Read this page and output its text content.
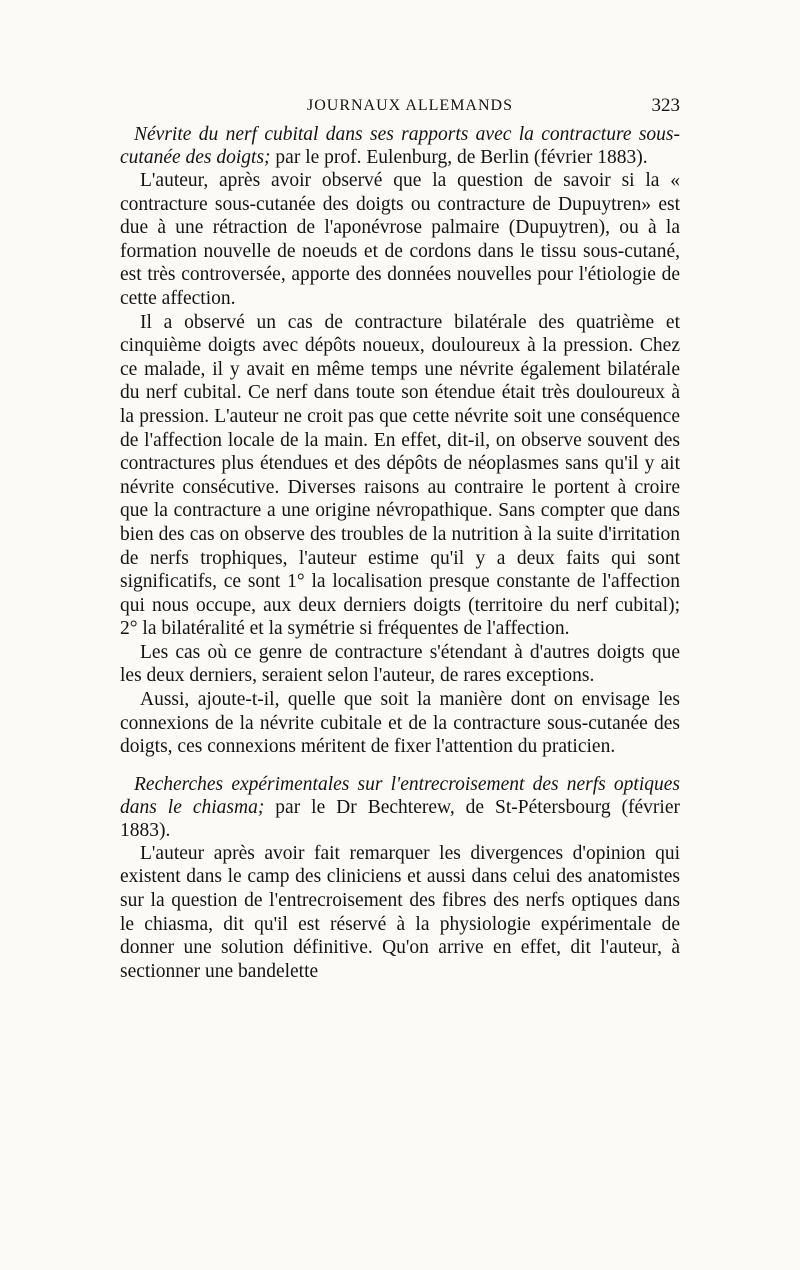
JOURNAUX ALLEMANDS	323

Névrite du nerf cubital dans ses rapports avec la contracture sous-cutanée des doigts; par le prof. Eulenburg, de Berlin (février 1883).

L'auteur, après avoir observé que la question de savoir si la « contracture sous-cutanée des doigts ou contracture de Dupuytren» est due à une rétraction de l'aponévrose palmaire (Dupuytren), ou à la formation nouvelle de noeuds et de cordons dans le tissu sous-cutané, est très controversée, apporte des données nouvelles pour l'étiologie de cette affection.

Il a observé un cas de contracture bilatérale des quatrième et cinquième doigts avec dépôts noueux, douloureux à la pression. Chez ce malade, il y avait en même temps une névrite également bilatérale du nerf cubital. Ce nerf dans toute son étendue était très douloureux à la pression. L'auteur ne croit pas que cette névrite soit une conséquence de l'affection locale de la main. En effet, dit-il, on observe souvent des contractures plus étendues et des dépôts de néoplasmes sans qu'il y ait névrite consécutive. Diverses raisons au contraire le portent à croire que la contracture a une origine névropathique. Sans compter que dans bien des cas on observe des troubles de la nutrition à la suite d'irritation de nerfs trophiques, l'auteur estime qu'il y a deux faits qui sont significatifs, ce sont 1° la localisation presque constante de l'affection qui nous occupe, aux deux derniers doigts (territoire du nerf cubital); 2° la bilatéralité et la symétrie si fréquentes de l'affection.

Les cas où ce genre de contracture s'étendant à d'autres doigts que les deux derniers, seraient selon l'auteur, de rares exceptions.

Aussi, ajoute-t-il, quelle que soit la manière dont on envisage les connexions de la névrite cubitale et de la contracture sous-cutanée des doigts, ces connexions méritent de fixer l'attention du praticien.

Recherches expérimentales sur l'entrecroisement des nerfs optiques dans le chiasma; par le Dr Bechterew, de St-Pétersbourg (février 1883).

L'auteur après avoir fait remarquer les divergences d'opinion qui existent dans le camp des cliniciens et aussi dans celui des anatomistes sur la question de l'entrecroisement des fibres des nerfs optiques dans le chiasma, dit qu'il est réservé à la physiologie expérimentale de donner une solution définitive. Qu'on arrive en effet, dit l'auteur, à sectionner une bandelette
